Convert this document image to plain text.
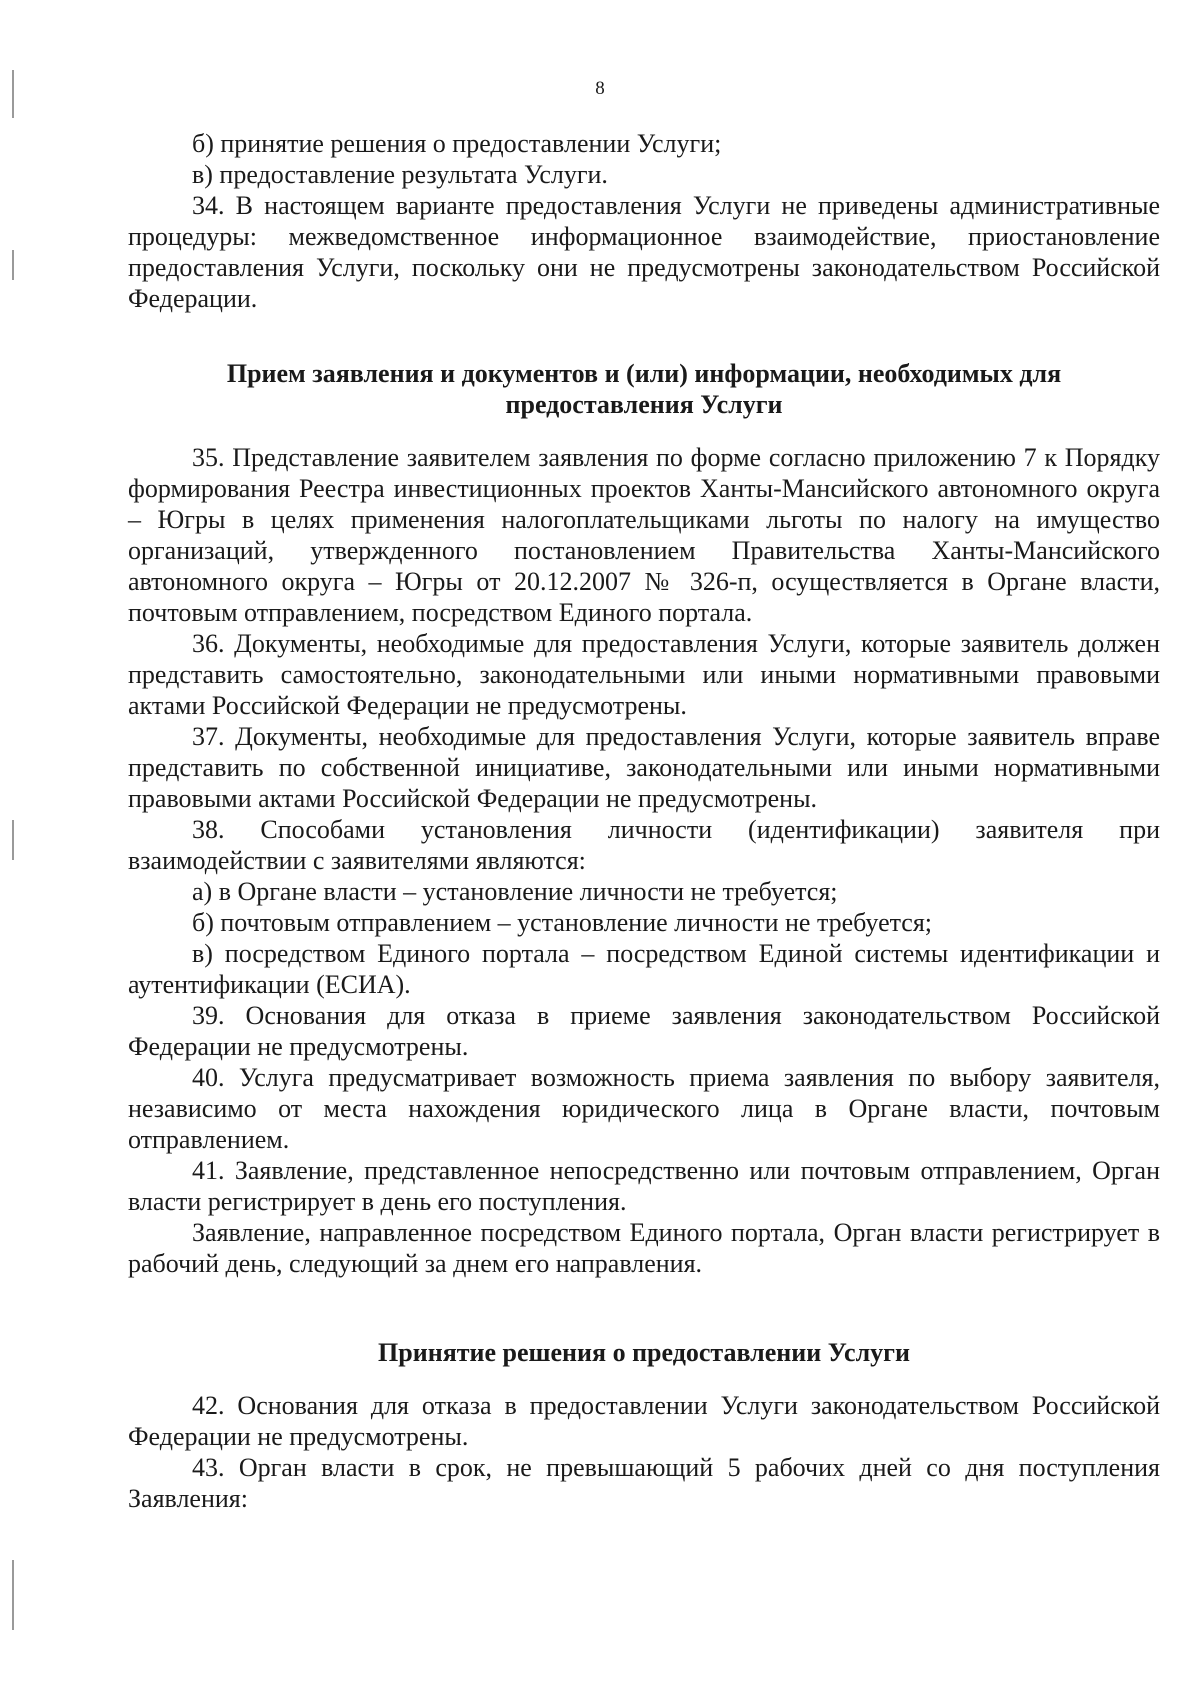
8

б) принятие решения о предоставлении Услуги;

в) предоставление результата Услуги.

34. В настоящем варианте предоставления Услуги не приведены административные процедуры: межведомственное информационное взаимодействие, приостановление предоставления Услуги, поскольку они не предусмотрены законодательством Российской Федерации.

Прием заявления и документов и (или) информации, необходимых для предоставления Услуги

35. Представление заявителем заявления по форме согласно приложению 7 к Порядку формирования Реестра инвестиционных проектов Ханты-Мансийского автономного округа – Югры в целях применения налогоплательщиками льготы по налогу на имущество организаций, утвержденного постановлением Правительства Ханты-Мансийского автономного округа – Югры от 20.12.2007 № 326-п, осуществляется в Органе власти, почтовым отправлением, посредством Единого портала.

36. Документы, необходимые для предоставления Услуги, которые заявитель должен представить самостоятельно, законодательными или иными нормативными правовыми актами Российской Федерации не предусмотрены.

37. Документы, необходимые для предоставления Услуги, которые заявитель вправе представить по собственной инициативе, законодательными или иными нормативными правовыми актами Российской Федерации не предусмотрены.

38. Способами установления личности (идентификации) заявителя при взаимодействии с заявителями являются:

а) в Органе власти – установление личности не требуется;

б) почтовым отправлением – установление личности не требуется;

в) посредством Единого портала – посредством Единой системы идентификации и аутентификации (ЕСИА).

39. Основания для отказа в приеме заявления законодательством Российской Федерации не предусмотрены.

40. Услуга предусматривает возможность приема заявления по выбору заявителя, независимо от места нахождения юридического лица в Органе власти, почтовым отправлением.

41. Заявление, представленное непосредственно или почтовым отправлением, Орган власти регистрирует в день его поступления.

Заявление, направленное посредством Единого портала, Орган власти регистрирует в рабочий день, следующий за днем его направления.

Принятие решения о предоставлении Услуги

42. Основания для отказа в предоставлении Услуги законодательством Российской Федерации не предусмотрены.

43. Орган власти в срок, не превышающий 5 рабочих дней со дня поступления Заявления:
